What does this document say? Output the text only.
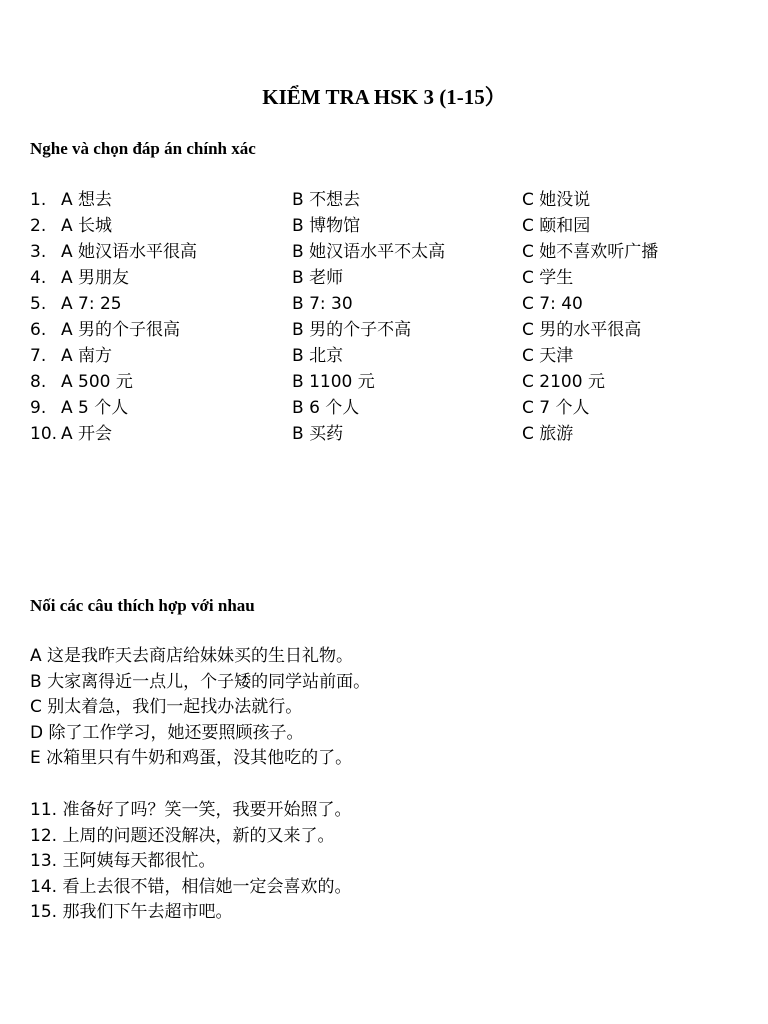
KIỂM TRA HSK 3 (1-15）
Nghe và chọn đáp án chính xác
1. A 想去	B 不想去	C 她没说
2. A 长城	B 博物馆	C 颐和园
3. A 她汉语水平很高	B 她汉语水平不太高	C 她不喜欢听广播
4. A 男朋友	B 老师	C 学生
5. A 7: 25	B 7: 30	C 7: 40
6. A 男的个子很高	B 男的个子不高	C 男的水平很高
7. A 南方	B 北京	C 天津
8. A 500 元	B 1100 元	C 2100 元
9. A 5 个人	B 6 个人	C 7 个人
10. A 开会	B 买药	C 旅游
Nối các câu thích hợp với nhau
A 这是我昨天去商店给妹妹买的生日礼物。
B 大家离得近一点儿，个子矮的同学站前面。
C 别太着急，我们一起找办法就行。
D 除了工作学习，她还要照顾孩子。
E 冰箱里只有牛奶和鸡蛋，没其他吃的了。
11. 准备好了吗？笑一笑，我要开始照了。
12. 上周的问题还没解决，新的又来了。
13. 王阿姨每天都很忙。
14. 看上去很不错，相信她一定会喜欢的。
15. 那我们下午去超市吧。
